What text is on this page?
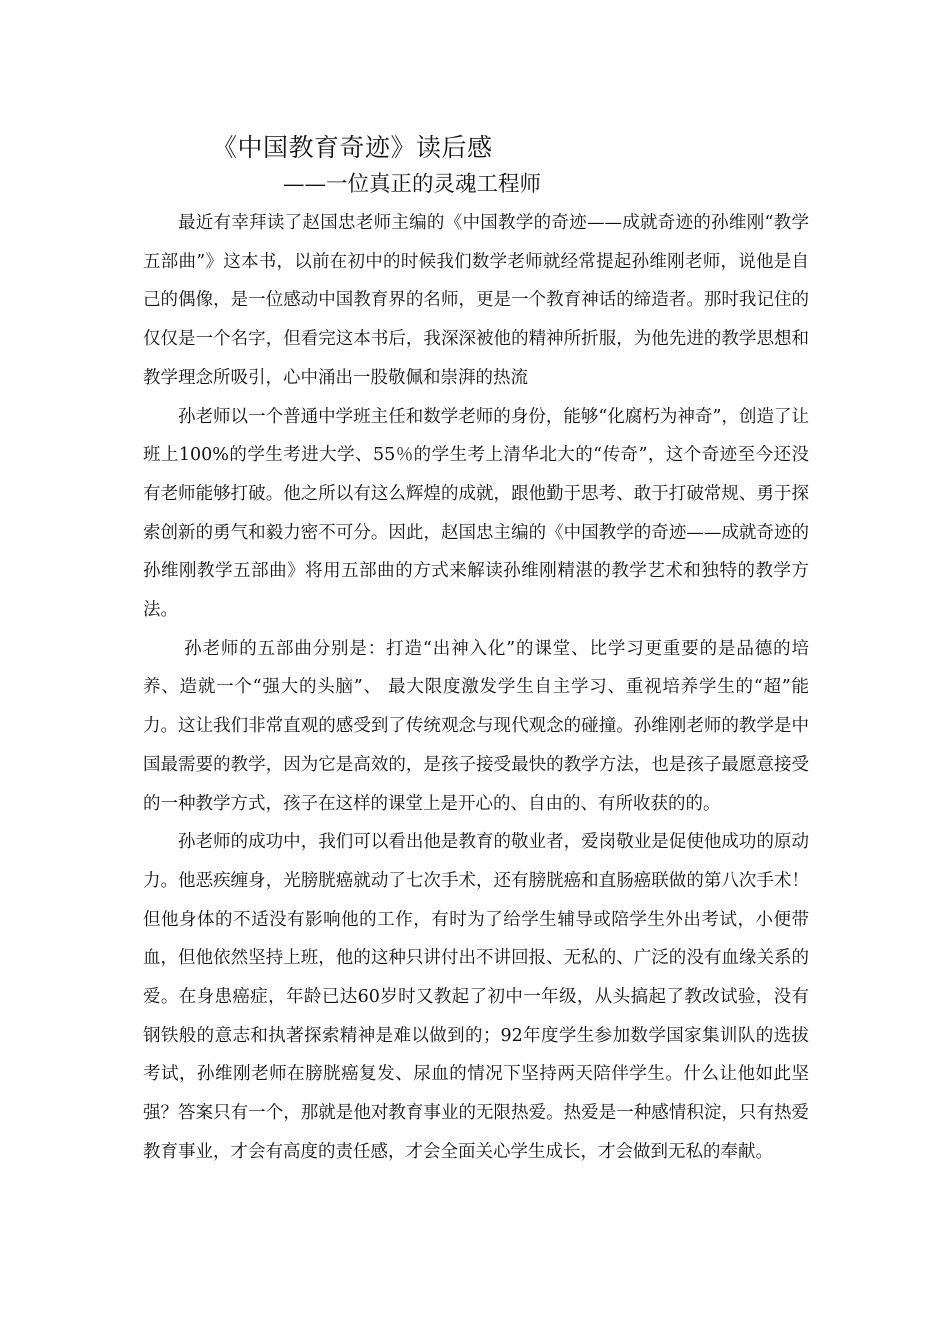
《中国教育奇迹》读后感
——一位真正的灵魂工程师

最近有幸拜读了赵国忠老师主编的《中国教学的奇迹——成就奇迹的孙维刚“教学五部曲”》这本书，以前在初中的时候我们数学老师就经常提起孙维刚老师，说他是自己的偶像，是一位感动中国教育界的名师，更是一个教育神话的缔造者。那时我记住的仅仅是一个名字，但看完这本书后，我深深被他的精神所折服，为他先进的教学思想和教学理念所吸引，心中涌出一股敬佩和崇湃的热流

孙老师以一个普通中学班主任和数学老师的身份，能够“化腐朽为神奇”，创造了让班上100%的学生考进大学、55％的学生考上清华北大的“传奇”，这个奇迹至今还没有老师能够打破。他之所以有这么辉煌的成就，跟他勤于思考、敢于打破常规、勇于探索创新的勇气和毅力密不可分。因此，赵国忠主编的《中国教学的奇迹——成就奇迹的孙维刚教学五部曲》将用五部曲的方式来解读孙维刚精湛的教学艺术和独特的教学方法。

孙老师的五部曲分别是：打造“出神入化”的课堂、比学习更重要的是品德的培养、造就一个“强大的头脑”、 最大限度激发学生自主学习、重视培养学生的“超”能力。这让我们非常直观的感受到了传统观念与现代观念的碰撞。孙维刚老师的教学是中国最需要的教学，因为它是高效的，是孩子接受最快的教学方法，也是孩子最愿意接受的一种教学方式，孩子在这样的课堂上是开心的、自由的、有所收获的的。

孙老师的成功中，我们可以看出他是教育的敬业者，爱岗敬业是促使他成功的原动力。他恶疾缠身，光膀胱癌就动了七次手术，还有膀胱癌和直肠癌联做的第八次手术！但他身体的不适没有影响他的工作，有时为了给学生辅导或陪学生外出考试，小便带血，但他依然坚持上班，他的这种只讲付出不讲回报、无私的、广泛的没有血缘关系的爱。在身患癌症，年龄已达60岁时又教起了初中一年级，从头搞起了教改试验，没有钢铁般的意志和执著探索精神是难以做到的；92年度学生参加数学国家集训队的选拔考试，孙维刚老师在膀胱癌复发、尿血的情况下坚持两天陪伴学生。什么让他如此坚强？答案只有一个，那就是他对教育事业的无限热爱。热爱是一种感情积淀，只有热爱教育事业，才会有高度的责任感，才会全面关心学生成长，才会做到无私的奉献。
